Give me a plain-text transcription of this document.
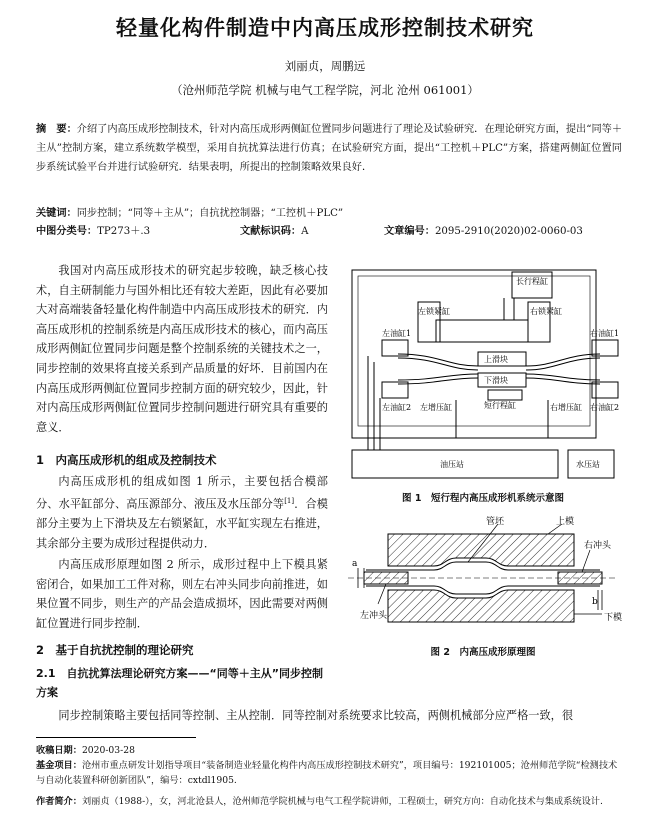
轻量化构件制造中内高压成形控制技术研究
刘丽贞，周鹏远
（沧州师范学院 机械与电气工程学院，河北 沧州 061001）
摘　要：介绍了内高压成形控制技术，针对内高压成形两侧缸位置同步问题进行了理论及试验研究．在理论研究方面，提出“同等＋主从”控制方案，建立系统数学模型，采用自抗扰算法进行仿真；在试验研究方面，提出“工控机＋PLC”方案，搭建两侧缸位置同步系统试验平台并进行试验研究．结果表明，所提出的控制策略效果良好．
关键词：同步控制；“同等＋主从”；自抗扰控制器；“工控机＋PLC”
中图分类号：TP273＋.3	文献标识码：A	文章编号：2095-2910(2020)02-0060-03
我国对内高压成形技术的研究起步较晚，缺乏核心技术，自主研制能力与国外相比还有较大差距，因此有必要加大对高端装备轻量化构件制造中内高压成形技术的研究．内高压成形机的控制系统是内高压成形技术的核心，而内高压成形两侧缸位置同步问题是整个控制系统的关键技术之一，同步控制的效果将直接关系到产品质量的好坏．目前国内在内高压成形两侧缸位置同步控制方面的研究较少，因此，针对内高压成形两侧缸位置同步控制问题进行研究具有重要的意义．
1　内高压成形机的组成及控制技术
内高压成形机的组成如图 1 所示，主要包括合模部分、水平缸部分、高压源部分、液压及水压部分等[1]．合模部分主要为上下滑块及左右锁紧缸，水平缸实现左右推进，其余部分主要为成形过程提供动力．
内高压成形原理如图 2 所示，成形过程中上下模具紧密闭合，如果加工工件对称，则左右冲头同步向前推进，如果位置不同步，则生产的产品会造成损坏，因此需要对两侧缸位置进行同步控制．
2　基于自抗扰控制的理论研究
2.1　自抗扰算法理论研究方案——“同等＋主从”同步控制方案
同步控制策略主要包括同等控制、主从控制．同等控制对系统要求比较高，两侧机械部分应严格一致，很
长行程缸
左锁紧缸	右锁紧缸
左油缸1
左油缸2
右油缸1
右油缸2
上滑块
下滑块
左增压缸	右增压缸
短行程缸
油压站	水压站
图 1　短行程内高压成形机系统示意图
管坯	上模
右冲头
左冲头	下模
a
b
图 2　内高压成形原理图
收稿日期：2020-03-28
基金项目：沧州市重点研发计划指导项目“装备制造业轻量化构件内高压成形控制技术研究”，项目编号：192101005；沧州师范学院“检测技术与自动化装置科研创新团队”，编号：cxtdl1905.
作者简介：刘丽贞（1988-），女，河北沧县人，沧州师范学院机械与电气工程学院讲师，工程硕士，研究方向：自动化技术与集成系统设计.
